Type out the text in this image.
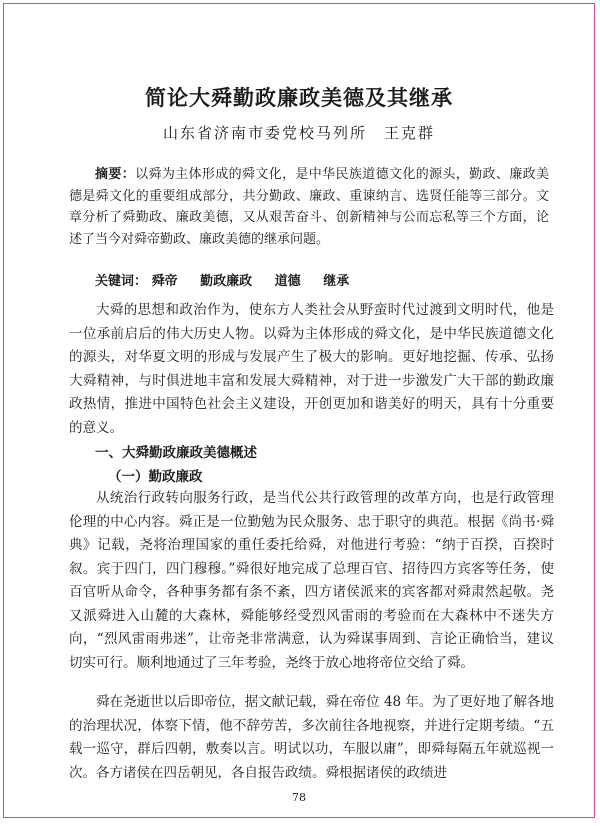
简论大舜勤政廉政美德及其继承
山东省济南市委党校马列所　王克群
摘要：以舜为主体形成的舜文化，是中华民族道德文化的源头，勤政、廉政美德是舜文化的重要组成部分，共分勤政、廉政、重谏纳言、选贤任能等三部分。文章分析了舜勤政、廉政美德，又从艰苦奋斗、创新精神与公而忘私等三个方面，论述了当今对舜帝勤政、廉政美德的继承问题。
关键词： 舜帝 勤政廉政 道德 继承
大舜的思想和政治作为，使东方人类社会从野蛮时代过渡到文明时代，他是一位承前启后的伟大历史人物。以舜为主体形成的舜文化，是中华民族道德文化的源头，对华夏文明的形成与发展产生了极大的影响。更好地挖掘、传承、弘扬大舜精神，与时俱进地丰富和发展大舜精神，对于进一步激发广大干部的勤政廉政热情，推进中国特色社会主义建设，开创更加和谐美好的明天，具有十分重要的意义。
一、大舜勤政廉政美德概述
（一）勤政廉政
从统治行政转向服务行政，是当代公共行政管理的改革方向，也是行政管理伦理的中心内容。舜正是一位勤勉为民众服务、忠于职守的典范。根据《尚书·舜典》记载，尧将治理国家的重任委托给舜，对他进行考验：“纳于百揆，百揆时叙。宾于四门，四门穆穆。”舜很好地完成了总理百官、招待四方宾客等任务，使百官听从命令，各种事务都有条不紊，四方诸侯派来的宾客都对舜肃然起敬。尧又派舜进入山麓的大森林，舜能够经受烈风雷雨的考验而在大森林中不迷失方向，“烈风雷雨弗迷”，让帝尧非常满意，认为舜谋事周到、言论正确恰当，建议切实可行。顺利地通过了三年考验，尧终于放心地将帝位交给了舜。
舜在尧逝世以后即帝位，据文献记载，舜在帝位 48 年。为了更好地了解各地的治理状况，体察下情，他不辞劳苦，多次前往各地视察，并进行定期考绩。“五载一巡守，群后四朝，敷奏以言。明试以功，车服以庸”，即舜每隔五年就巡视一次。各方诸侯在四岳朝见，各自报告政绩。舜根据诸侯的政绩进
78
